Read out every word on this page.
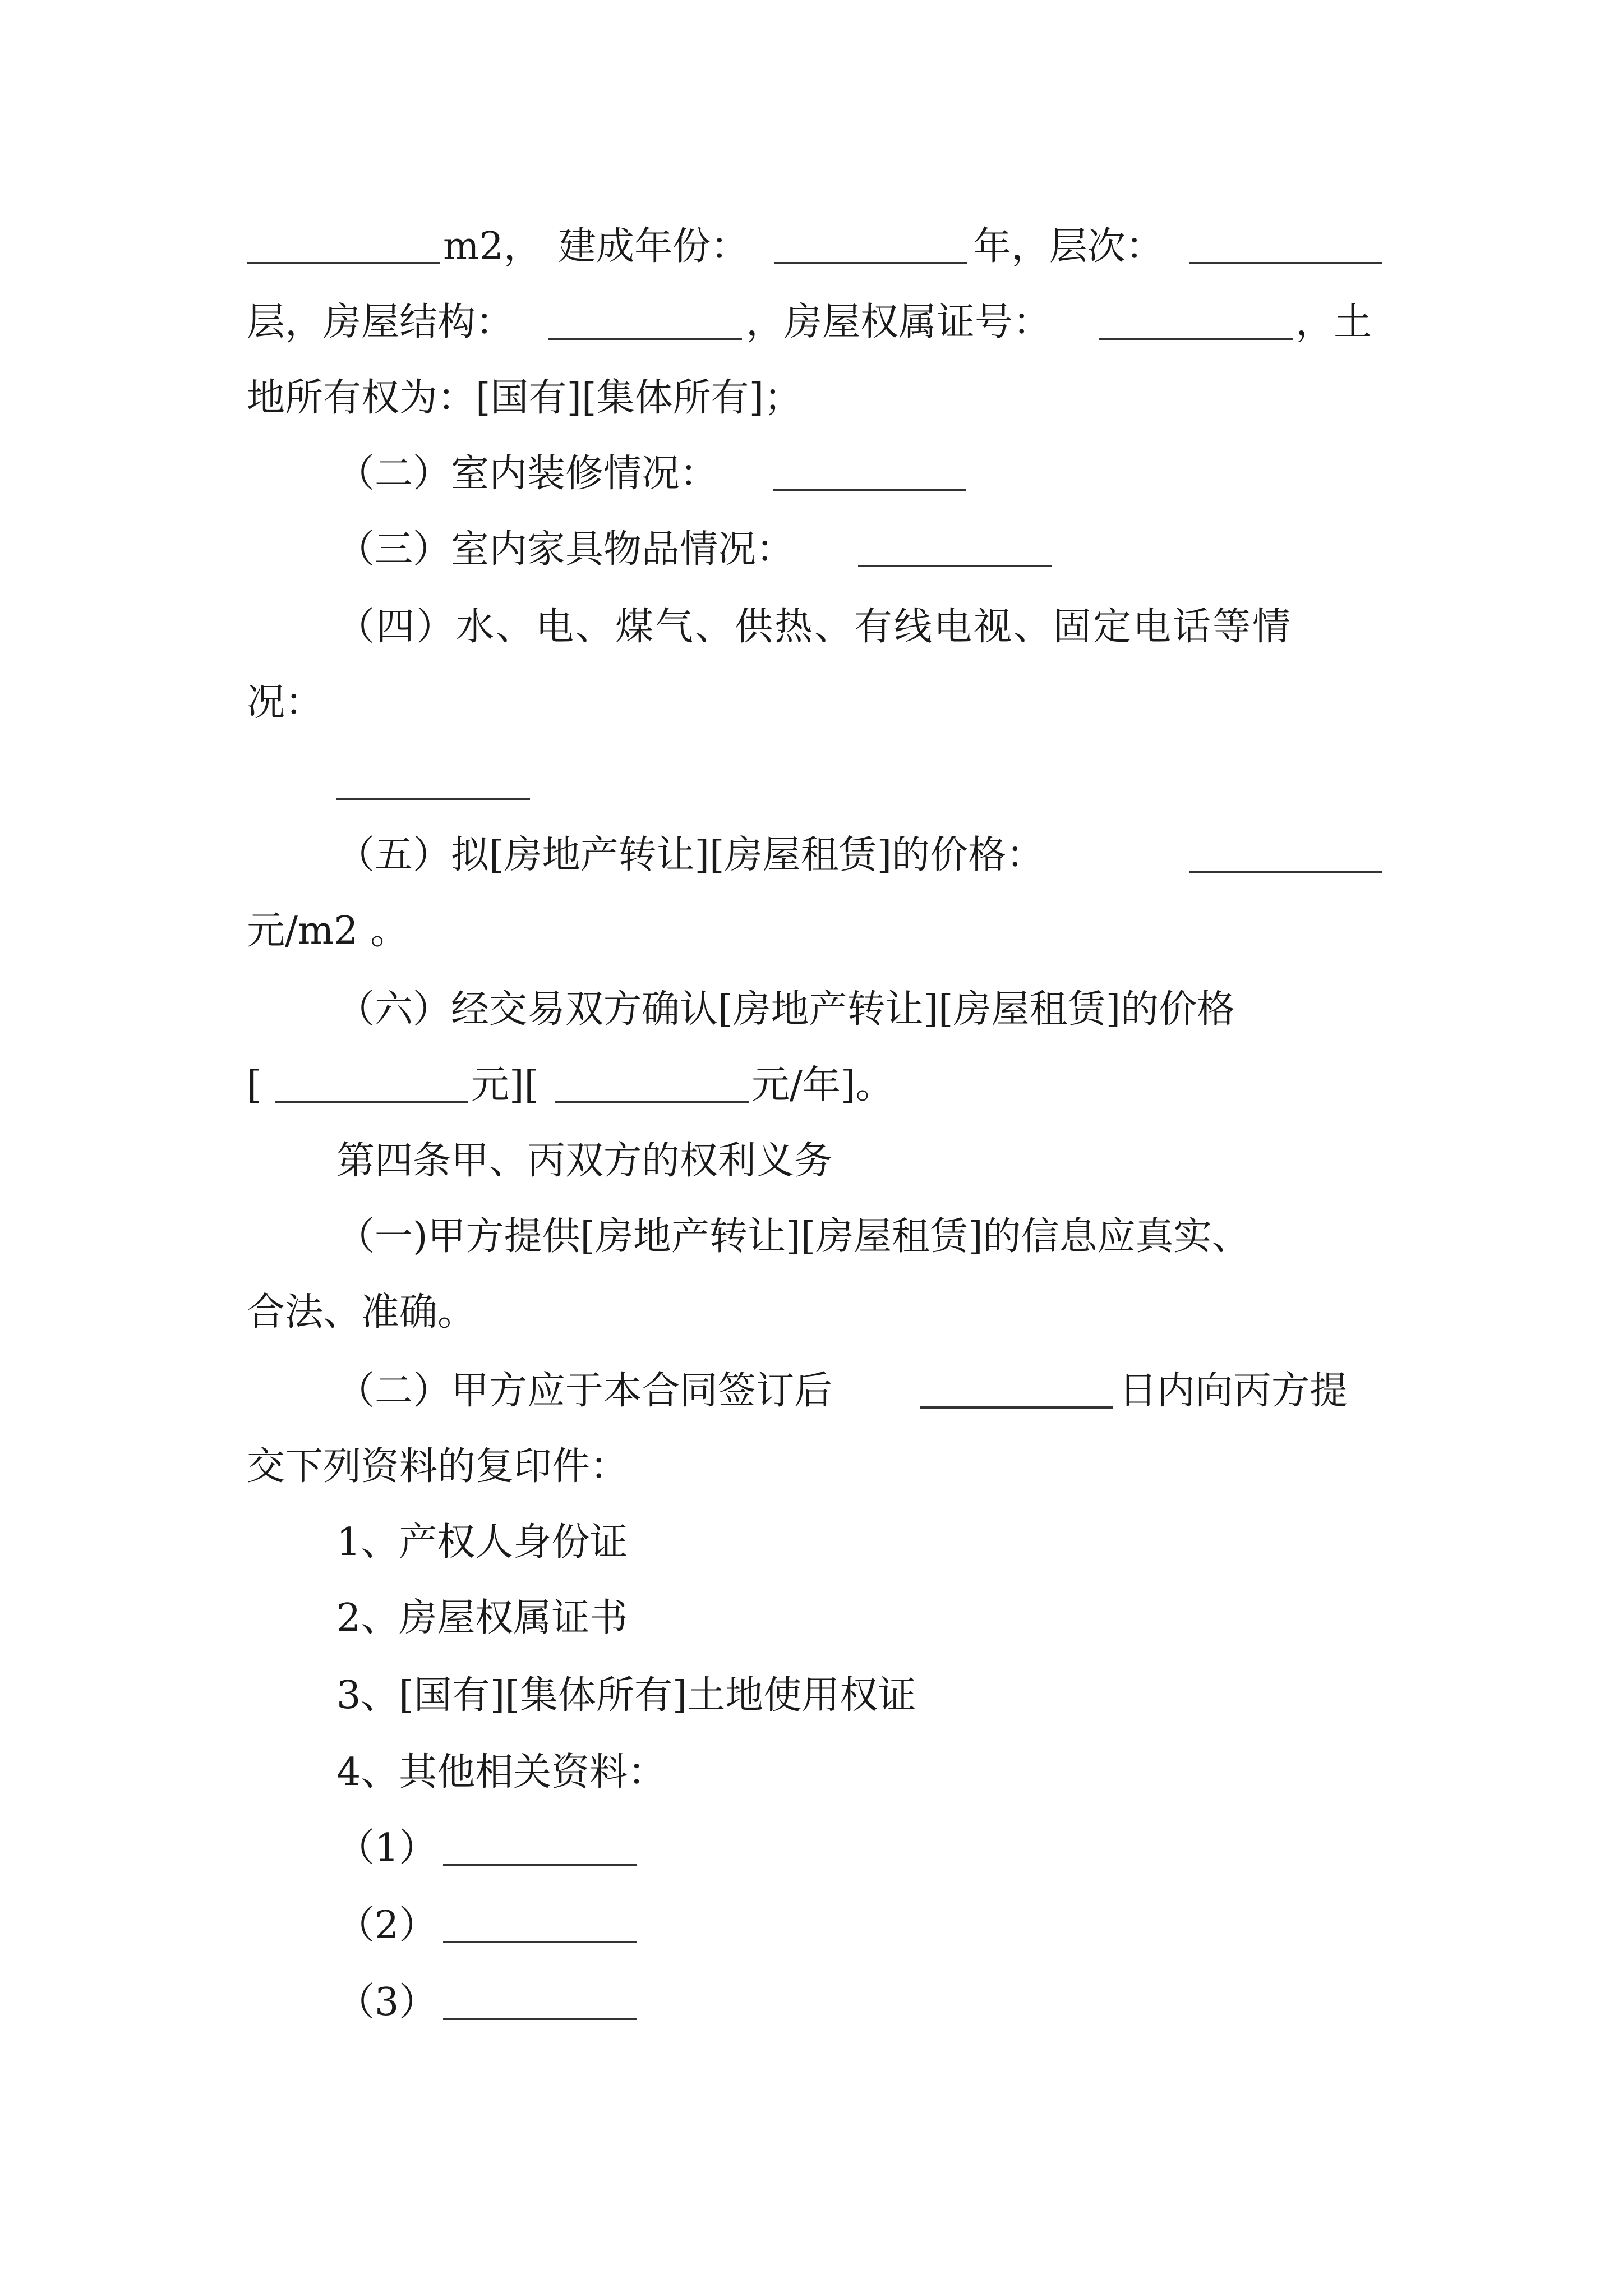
m2， 建成年份：	年，层次：
层，房屋结构：	，房屋权属证号：	，土
地所有权为：[国有][集体所有]；
（二）室内装修情况：
（三）室内家具物品情况：
（四）水、电、煤气、供热、有线电视、固定电话等情
况：
（五）拟[房地产转让][房屋租赁]的价格：
元/m2 。
（六）经交易双方确认[房地产转让][房屋租赁]的价格
[	元][	元/年]。
第四条甲、丙双方的权利义务
（一)甲方提供[房地产转让][房屋租赁]的信息应真实、
合法、准确。
（二）甲方应于本合同签订后	日内向丙方提
交下列资料的复印件：
1、产权人身份证
2、房屋权属证书
3、[国有][集体所有]土地使用权证
4、其他相关资料：
（1）
（2）
（3）
